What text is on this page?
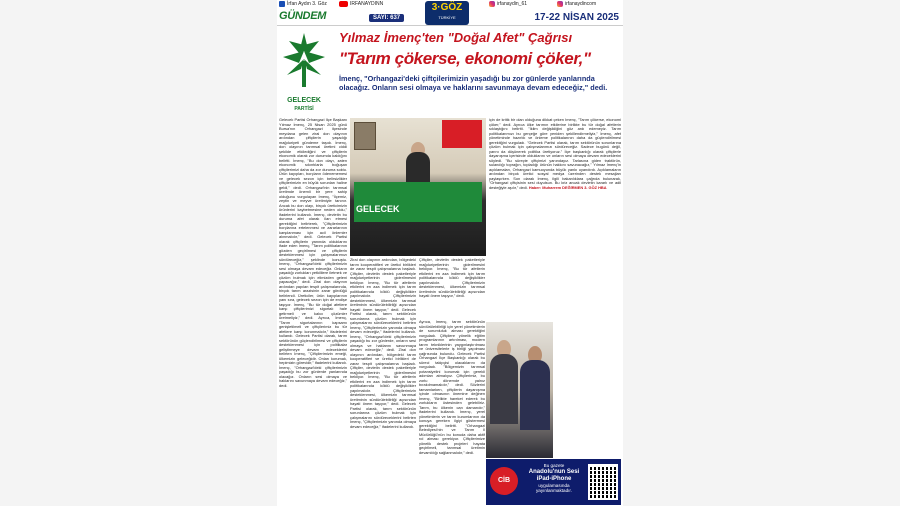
İrfan Aydın 3. Göz	IRFANAYDINN	irfanaydin_61	irfanaydincom
GÜNDEM	SAYI: 637
3·GÖZ
TÜRKİYE	17-22 NİSAN 2025
GELECEK
PARTİSİ
Yılmaz İmenç'ten "Doğal Afet" Çağrısı
"Tarım çökerse, ekonomi çöker,"
İmenç, "Orhangazi'deki çiftçilerimizin yaşadığı bu zor günlerde yanlarında olacağız. Onların sesi olmaya ve haklarını savunmaya devam edeceğiz," dedi.
Gelecek Partisi Orhangazi İlçe Başkanı Yılmaz İmenç, 25 Nisan 2025 günü Bursa'nın Orhangazi ilçesinde meydana gelen zirai don olayının ardından çiftçilerin yaşadığı mağduriyeti gündeme taşıdı. İmenç, don olayının tarımsal üretimi ciddi şekilde etkilediğini ve çiftçilerin ekonomik olarak zor durumda kaldığını belirtti. İmenç, "Bu don olayı, zaten ekonomik sıkıntılarla boğuşan çiftçilerimizi daha da zor duruma soktu. Ürün kayıpları, borçların ödenememesi ve gelecek sezon için belirsizlikler çiftçilerimizin en büyük sorunları haline geldi," dedi. Orhangazi'nin tarımsal üretimde önemli bir yere sahip olduğunu vurgulayan İmenç, "İlçemiz, zeytin ve meyve üretimiyle tanınır. Ancak bu don olayı, birçok üreticimizin ürünlerini kaybetmesine neden oldu," ifadelerini kullandı. İmenç, devletin bu duruma afet olarak ilan etmesi gerektiğini belirterek, "Çiftçilerimizin borçlarına ertelenmesi ve zararlarının karşılanması için acil önlemler alınmalıdır," dedi. Gelecek Partisi olarak çiftçilerin yanında olduklarını ifade eden İmenç, "Tarım politikalarının gözden geçirilmesi ve çiftçilerin desteklenmesi için çalışmalarımızı sürdüreceğiz," şeklinde konuştu. İmenç, "Orhangazi'deki çiftçilerimizin sesi olmaya devam edeceğiz. Onların yaşadığı zorlukları yetkililere iletmek ve çözüm bulmak için elimizden geleni yapacağız," dedi. Zirai don olayının ardından yapılan tespit çalışmalarında, birçok tarım arazisinin zarar gördüğü belirlendi. Üreticiler, ürün kayıplarının yanı sıra, gelecek sezon için de endişe taşıyor. İmenç, "Bu tür doğal afetlere karşı çiftçilerimizi sigortalı hale getirmeli ve kalıcı çözümler üretmeliyiz," dedi. Ayrıca, İmenç, "Tarım sigortalarının kapsamı genişletilmeli ve çiftçilerimiz bu tür afetlere karşı korunmalıdır," ifadelerini kullandı. Gelecek Partisi olarak, tarım sektörünün güçlendirilmesi ve çiftçilerin desteklenmesi için politikalar geliştirmeye devam edeceklerini belirten İmenç, "Çiftçilerimizin emeği, ülkemizin geleceğidir. Onları korumak, hepimizin görevidir," ifadelerini kullandı. İmenç, "Orhangazi'deki çiftçilerimizin yaşadığı bu zor günlerde yanlarında olacağız. Onların sesi olmaya ve haklarını savunmaya devam edeceğiz," dedi.
GELECEK
Zirai don olayının ardından, bölgedeki tarım kooperatifleri ve üretici birlikleri de zarar tespit çalışmalarına başladı. Çiftçiler, devletin destek paketleriyle mağduriyetlerinin giderilmesini bekliyor. İmenç, "Bu tür afetlerin etkilerini en aza indirmek için tarım politikalarında köklü değişiklikler yapılmalıdır. Çiftçilerimizin desteklenmesi, ülkemizin tarımsal üretiminin sürdürülebilirliği açısından hayati önem taşıyor," dedi. Gelecek Partisi olarak, tarım sektörünün sorunlarına çözüm bulmak için çalışmalarını sürdüreceklerini belirten İmenç, "Çiftçilerimizin yanında olmaya devam edeceğiz," ifadelerini kullandı. İmenç, "Orhangazi'deki çiftçilerimizin yaşadığı bu zor günlerde, onların sesi olmaya ve haklarını savunmaya devam edeceğiz," dedi. Zirai don olayının ardından, bölgedeki tarım kooperatifleri ve üretici birlikleri de zarar tespit çalışmalarına başladı. Çiftçiler, devletin destek paketleriyle mağduriyetlerinin giderilmesini bekliyor. İmenç, "Bu tür afetlerin etkilerini en aza indirmek için tarım politikalarında köklü değişiklikler yapılmalıdır. Çiftçilerimizin desteklenmesi, ülkemizin tarımsal üretiminin sürdürülebilirliği açısından hayati önem taşıyor," dedi. Gelecek Partisi olarak, tarım sektörünün sorunlarına çözüm bulmak için çalışmalarını sürdüreceklerini belirten İmenç, "Çiftçilerimizin yanında olmaya devam edeceğiz," ifadelerini kullandı.
Çiftçiler, devletin destek paketleriyle mağduriyetlerinin giderilmesini bekliyor. İmenç, "Bu tür afetlerin etkilerini en aza indirmek için tarım politikalarında köklü değişiklikler yapılmalıdır. Çiftçilerimizin desteklenmesi, ülkemizin tarımsal üretiminin sürdürülebilirliği açısından hayati önem taşıyor," dedi.
Ayrıca, İmenç, tarım sektörünün sürdürülebilirliği için yerel yönetimlerin de sorumluluk alması gerektiğini vurguladı. Çiftçilere yönelik eğitim programlarının artırılması, modern tarım tekniklerinin yaygınlaştırılması ve üniversitelerle iş birliği yapılması çağrısında bulundu. Gelecek Partisi Orhangazi İlçe Başkanlığı olarak bu süreci takipçisi olacaklarını da vurguladı. "Bölgemizin tarımsal potansiyelini korumak için gerekli adımları atmalıyız. Çiftçilerimiz, bu zorlu dönemde yalnız bırakılmamalıdır," dedi. Sözlerini tamamlarken, çiftçilerin dayanışma içinde olmasının önemine değinen İmenç, "Birlikte hareket ederek bu zorlukların üstesinden gelebiliriz. Tarım, bu ülkenin can damarıdır," ifadelerini kullandı. İmenç, yerel yönetimlerin ve tarım kurumlarının da konuya gereken ilgiyi göstermesi gerektiğini belirtti. "Orhangazi Belediyesi'nin ve Tarım İl Müdürlüğü'nün bu konuda daha aktif rol alması gerekiyor. Çiftçilerimize yönelik destek projeleri hayata geçirilmeli, tarımsal üretimin devamlılığı sağlanmalıdır," dedi.
için de kritik bir olan olduğuna dikkat çeken İmenç, "Tarım çökerse, ekonomi çöker," dedi. Ayrıca ülke tarımın etkilerine birlikte bu tür doğal afetlerin sıklaştığını belirtti. "İklim değişikliğini göz ardı edemeyiz. Tarım politikalarımızı bu gerçeğe göre yeniden şekillendirmeliyiz," İmenç, afet yönetiminde hazırlık ve önleme politikalarının daha da güçlendirilmesi gerektiğini vurguladı. "Gelecek Partisi olarak, tarım sektörünün sorunlarına çözüm bulmak için çalışmalarımızı sürdüreceğiz. Sadece bugünü değil, yarını da düşünerek politika üretiyoruz." İlçe başkanlığı olarak çiftçilerle dayanışma içerisinde olduklarını ve onların sesi olmaya devam edeceklerini söyledi. "Bu süreçte çiftçimizi yanındayız. Tarlasına giden traktörün, sulandığı toprağın, topladığı ürünün hakkını savunacağız," Yılmaz İmenç'in açıklamaları, Orhangazi kamuoyunda büyük yankı uyandırdı. Açıklamaların ardından birçok üretici sosyal medya üzerinden destek mesajları paylaşırken. Son olarak İmenç, ilgili bakanlıklara çağrıda bulunarak, "Orhangazi çiftçisinin sesi duyulsun. Bu kriz ancak devletin kararlı ve adil desteğiyle aşılır," dedi. Haber: Muharrem DEĞİRMEN 3. GÖZ HBA
CİB
Bu gazete

Anadolu'nun Sesi
iPad-iPhone
uygulamasında yayınlanmaktadır.
